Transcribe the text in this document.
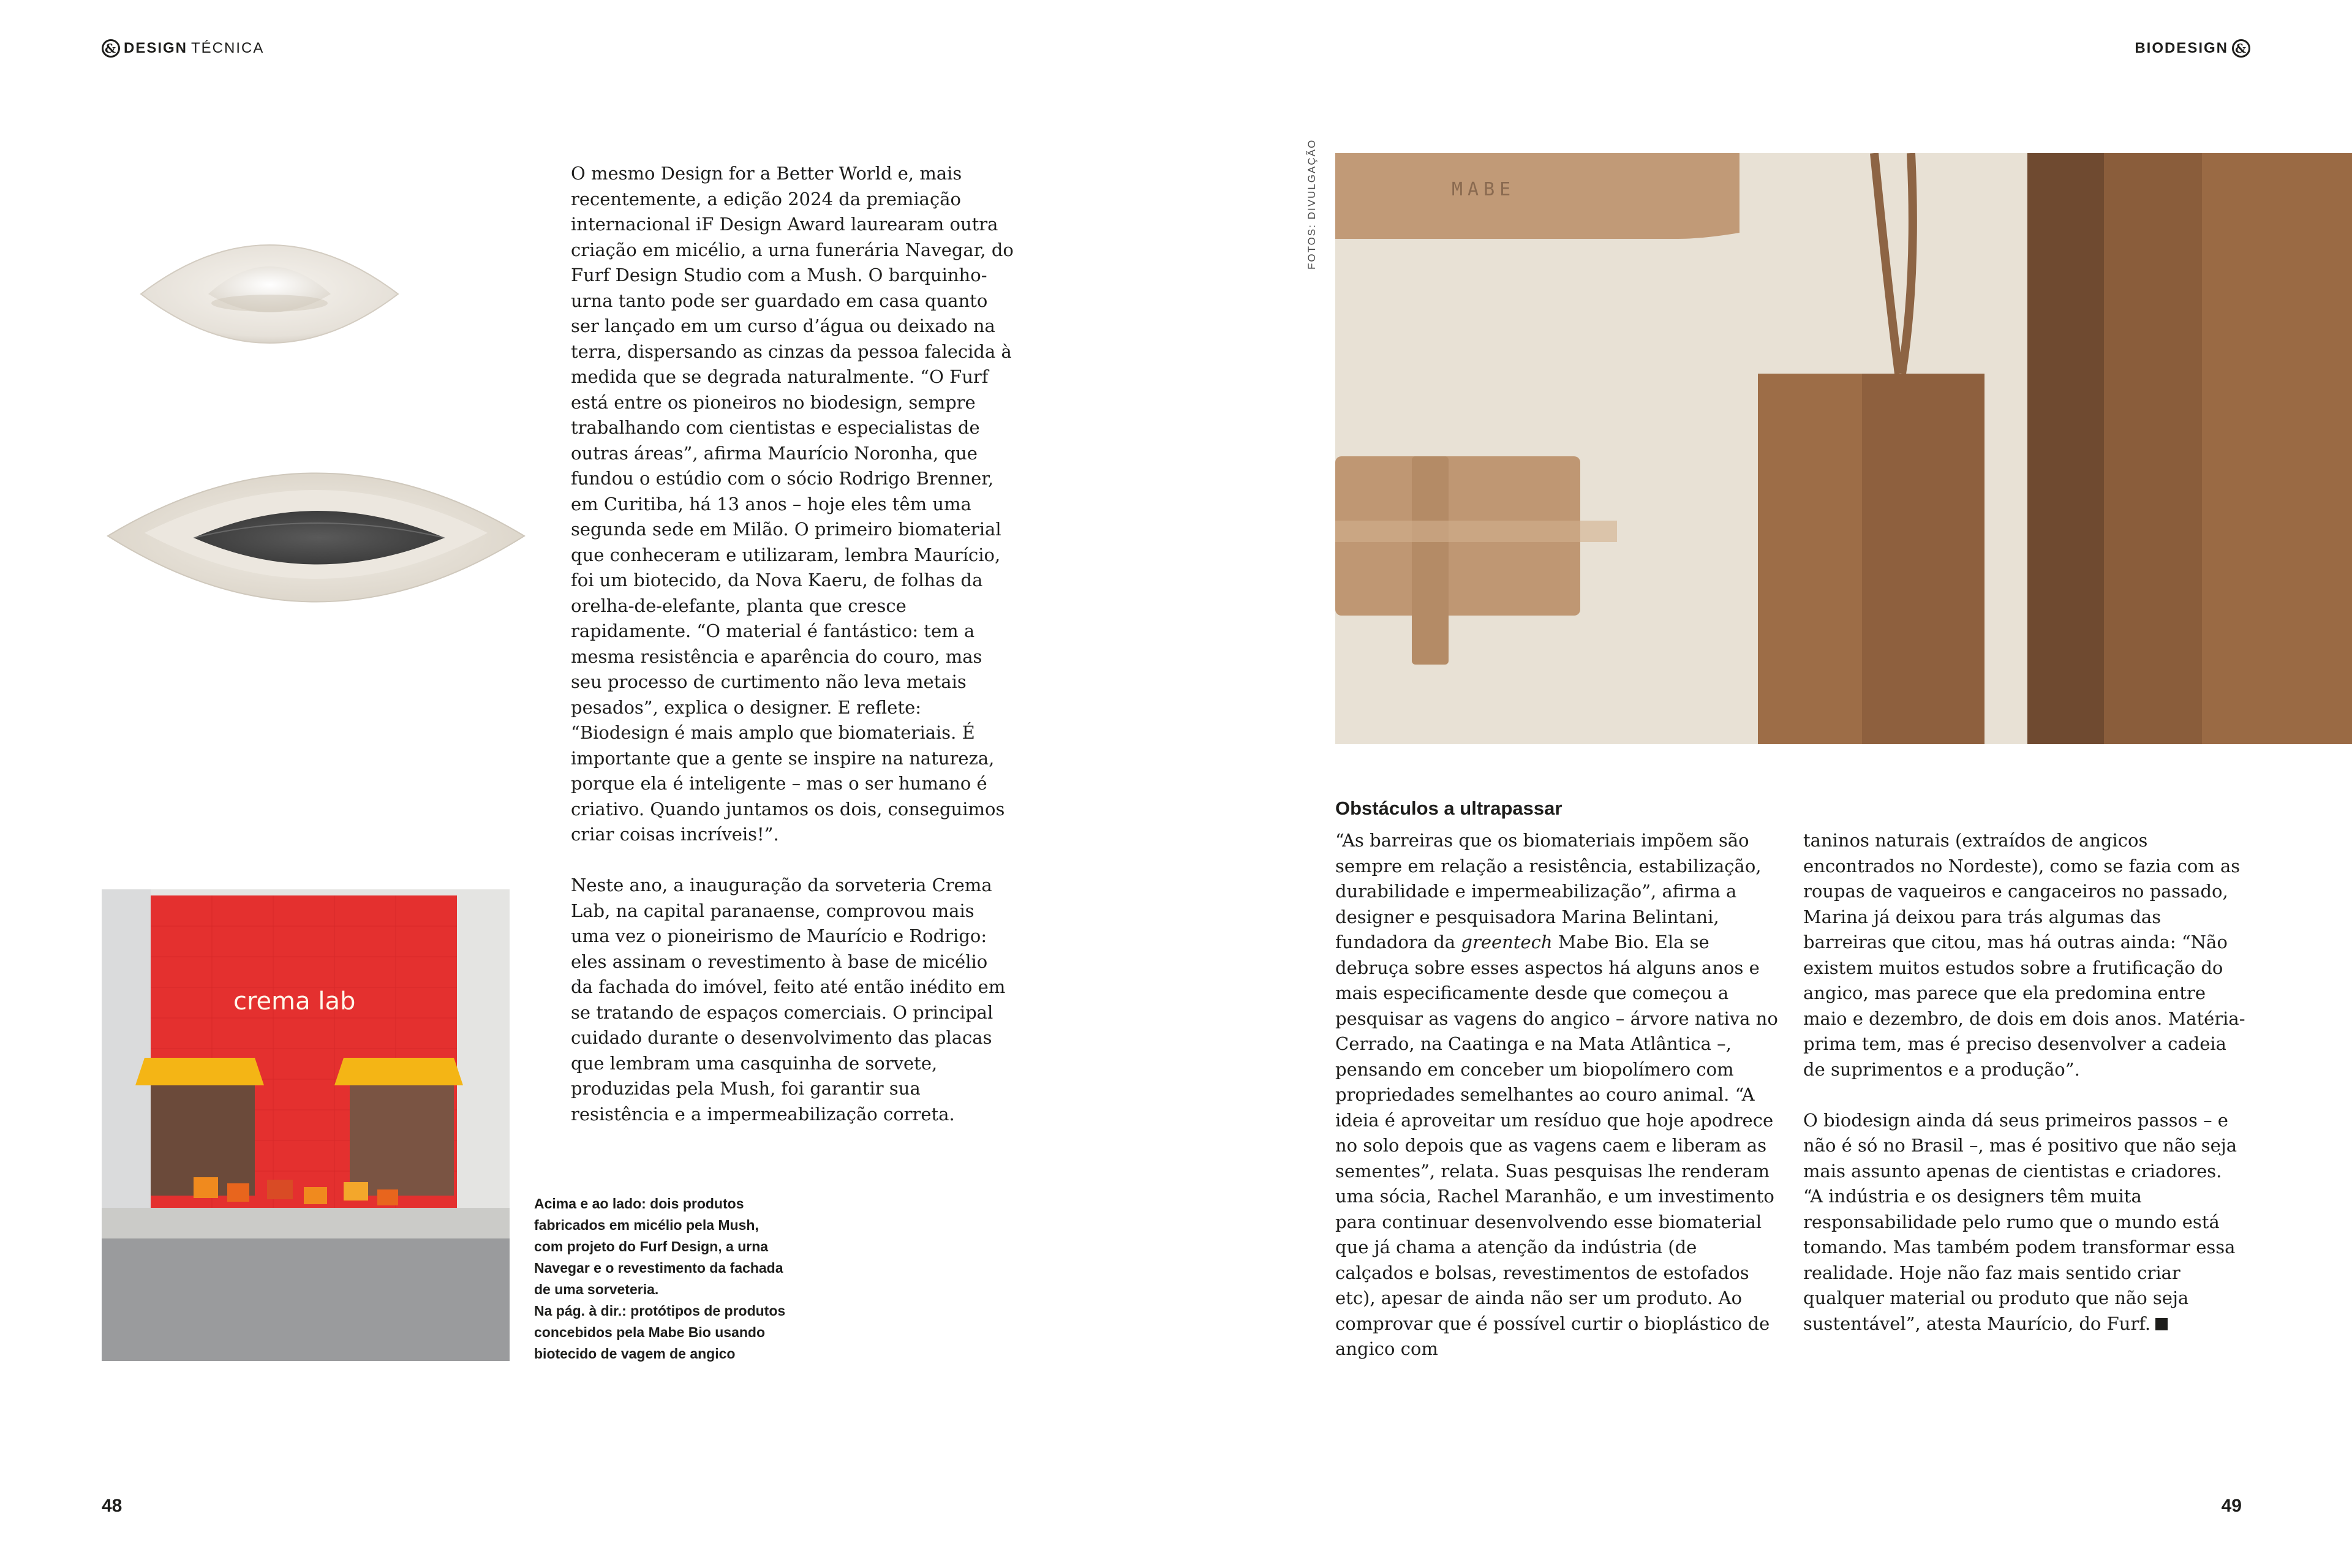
& DESIGN TÉCNICA	BIODESIGN &

O mesmo Design for a Better World e, mais recentemente, a edição 2024 da premiação internacional iF Design Award laurearam outra criação em micélio, a urna funerária Navegar, do Furf Design Studio com a Mush. O barquinho-urna tanto pode ser guardado em casa quanto ser lançado em um curso d’água ou deixado na terra, dispersando as cinzas da pessoa falecida à medida que se degrada naturalmente. “O Furf está entre os pioneiros no biodesign, sempre trabalhando com cientistas e especialistas de outras áreas”, afirma Maurício Noronha, que fundou o estúdio com o sócio Rodrigo Brenner, em Curitiba, há 13 anos – hoje eles têm uma segunda sede em Milão. O primeiro biomaterial que conheceram e utilizaram, lembra Maurício, foi um biotecido, da Nova Kaeru, de folhas da orelha-de-elefante, planta que cresce rapidamente. “O material é fantástico: tem a mesma resistência e aparência do couro, mas seu processo de curtimento não leva metais pesados”, explica o designer. E reflete: “Biodesign é mais amplo que biomateriais. É importante que a gente se inspire na natureza, porque ela é inteligente – mas o ser humano é criativo. Quando juntamos os dois, conseguimos criar coisas incríveis!”.

Neste ano, a inauguração da sorveteria Crema Lab, na capital paranaense, comprovou mais uma vez o pioneirismo de Maurício e Rodrigo: eles assinam o revestimento à base de micélio da fachada do imóvel, feito até então inédito em se tratando de espaços comerciais. O principal cuidado durante o desenvolvimento das placas que lembram uma casquinha de sorvete, produzidas pela Mush, foi garantir sua resistência e a impermeabilização correta.

crema lab

Acima e ao lado: dois produtos fabricados em micélio pela Mush, com projeto do Furf Design, a urna Navegar e o revestimento da fachada de uma sorveteria.

Na pág. à dir.: protótipos de produtos concebidos pela Mabe Bio usando biotecido de vagem de angico

FOTOS: DIVULGAÇÃO	MABE
Obstáculos a ultrapassar

“As barreiras que os biomateriais impõem são sempre em relação a resistência, estabilização, durabilidade e impermeabilização”, afirma a designer e pesquisadora Marina Belintani, fundadora da greentech Mabe Bio. Ela se debruça sobre esses aspectos há alguns anos e mais especificamente desde que começou a pesquisar as vagens do angico – árvore nativa no Cerrado, na Caatinga e na Mata Atlântica –, pensando em conceber um biopolímero com propriedades semelhantes ao couro animal. “A ideia é aproveitar um resíduo que hoje apodrece no solo depois que as vagens caem e liberam as sementes”, relata. Suas pesquisas lhe renderam uma sócia, Rachel Maranhão, e um investimento para continuar desenvolvendo esse biomaterial que já chama a atenção da indústria (de calçados e bolsas, revestimentos de estofados etc), apesar de ainda não ser um produto. Ao comprovar que é possível curtir o bioplástico de angico com

taninos naturais (extraídos de angicos encontrados no Nordeste), como se fazia com as roupas de vaqueiros e cangaceiros no passado, Marina já deixou para trás algumas das barreiras que citou, mas há outras ainda: “Não existem muitos estudos sobre a frutificação do angico, mas parece que ela predomina entre maio e dezembro, de dois em dois anos. Matéria-prima tem, mas é preciso desenvolver a cadeia de suprimentos e a produção”.

O biodesign ainda dá seus primeiros passos – e não é só no Brasil –, mas é positivo que não seja mais assunto apenas de cientistas e criadores. “A indústria e os designers têm muita responsabilidade pelo rumo que o mundo está tomando. Mas também podem transformar essa realidade. Hoje não faz mais sentido criar qualquer material ou produto que não seja sustentável”, atesta Maurício, do Furf.

48	49
